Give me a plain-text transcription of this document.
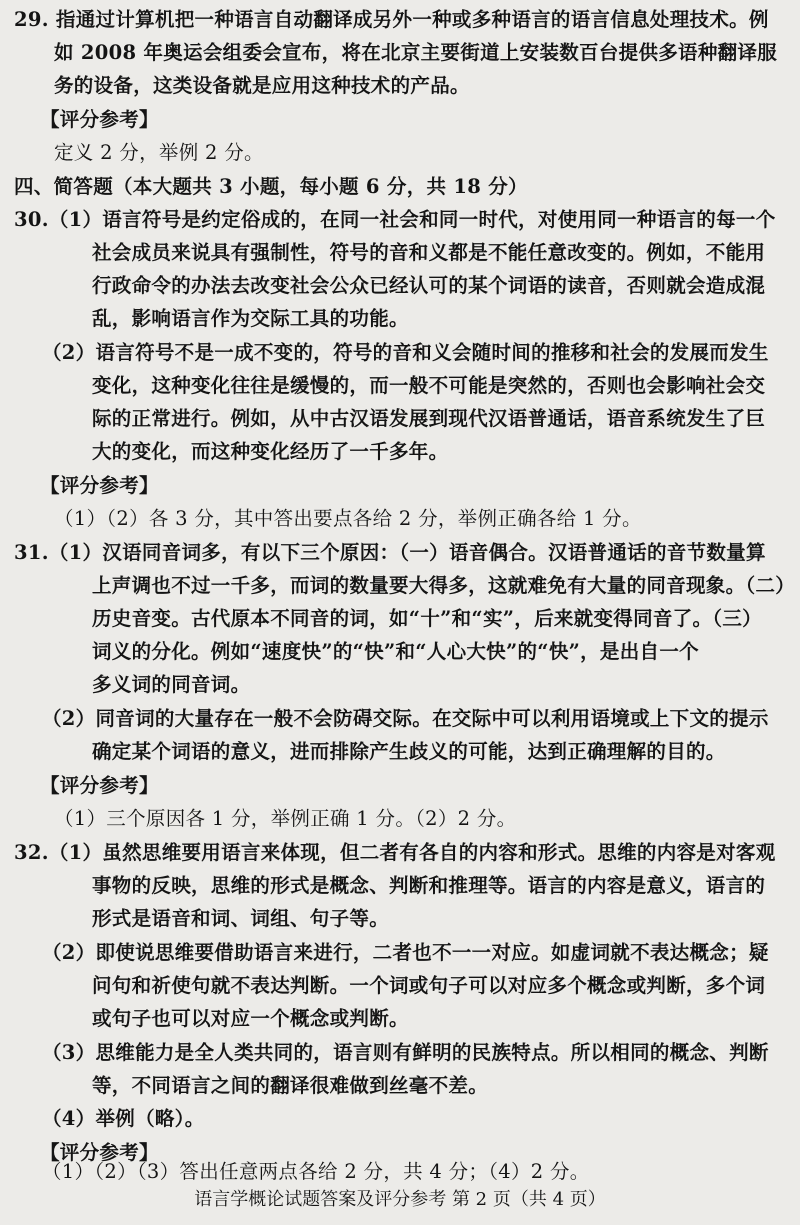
29. 指通过计算机把一种语言自动翻译成另外一种或多种语言的语言信息处理技术。例
如 2008 年奥运会组委会宣布，将在北京主要街道上安装数百台提供多语种翻译服
务的设备，这类设备就是应用这种技术的产品。
【评分参考】
定义 2 分，举例 2 分。
四、简答题（本大题共 3 小题，每小题 6 分，共 18 分）
30.（1）语言符号是约定俗成的，在同一社会和同一时代，对使用同一种语言的每一个
社会成员来说具有强制性，符号的音和义都是不能任意改变的。例如，不能用
行政命令的办法去改变社会公众已经认可的某个词语的读音，否则就会造成混
乱，影响语言作为交际工具的功能。
（2）语言符号不是一成不变的，符号的音和义会随时间的推移和社会的发展而发生
变化，这种变化往往是缓慢的，而一般不可能是突然的，否则也会影响社会交
际的正常进行。例如，从中古汉语发展到现代汉语普通话，语音系统发生了巨
大的变化，而这种变化经历了一千多年。
【评分参考】
（1）（2）各 3 分，其中答出要点各给 2 分，举例正确各给 1 分。
31.（1）汉语同音词多，有以下三个原因：（一）语音偶合。汉语普通话的音节数量算
上声调也不过一千多，而词的数量要大得多，这就难免有大量的同音现象。（二）
历史音变。古代原本不同音的词，如“十”和“实”，后来就变得同音了。（三）
词义的分化。例如“速度快”的“快”和“人心大快”的“快”，是出自一个
多义词的同音词。
（2）同音词的大量存在一般不会防碍交际。在交际中可以利用语境或上下文的提示
确定某个词语的意义，进而排除产生歧义的可能，达到正确理解的目的。
【评分参考】
（1）三个原因各 1 分，举例正确 1 分。（2）2 分。
32.（1）虽然思维要用语言来体现，但二者有各自的内容和形式。思维的内容是对客观
事物的反映，思维的形式是概念、判断和推理等。语言的内容是意义，语言的
形式是语音和词、词组、句子等。
（2）即使说思维要借助语言来进行，二者也不一一对应。如虚词就不表达概念；疑
问句和祈使句就不表达判断。一个词或句子可以对应多个概念或判断，多个词
或句子也可以对应一个概念或判断。
（3）思维能力是全人类共同的，语言则有鲜明的民族特点。所以相同的概念、判断
等，不同语言之间的翻译很难做到丝毫不差。
（4）举例（略）。
【评分参考】
（1）（2）（3）答出任意两点各给 2 分，共 4 分；（4）2 分。
语言学概论试题答案及评分参考 第 2 页（共 4 页）
